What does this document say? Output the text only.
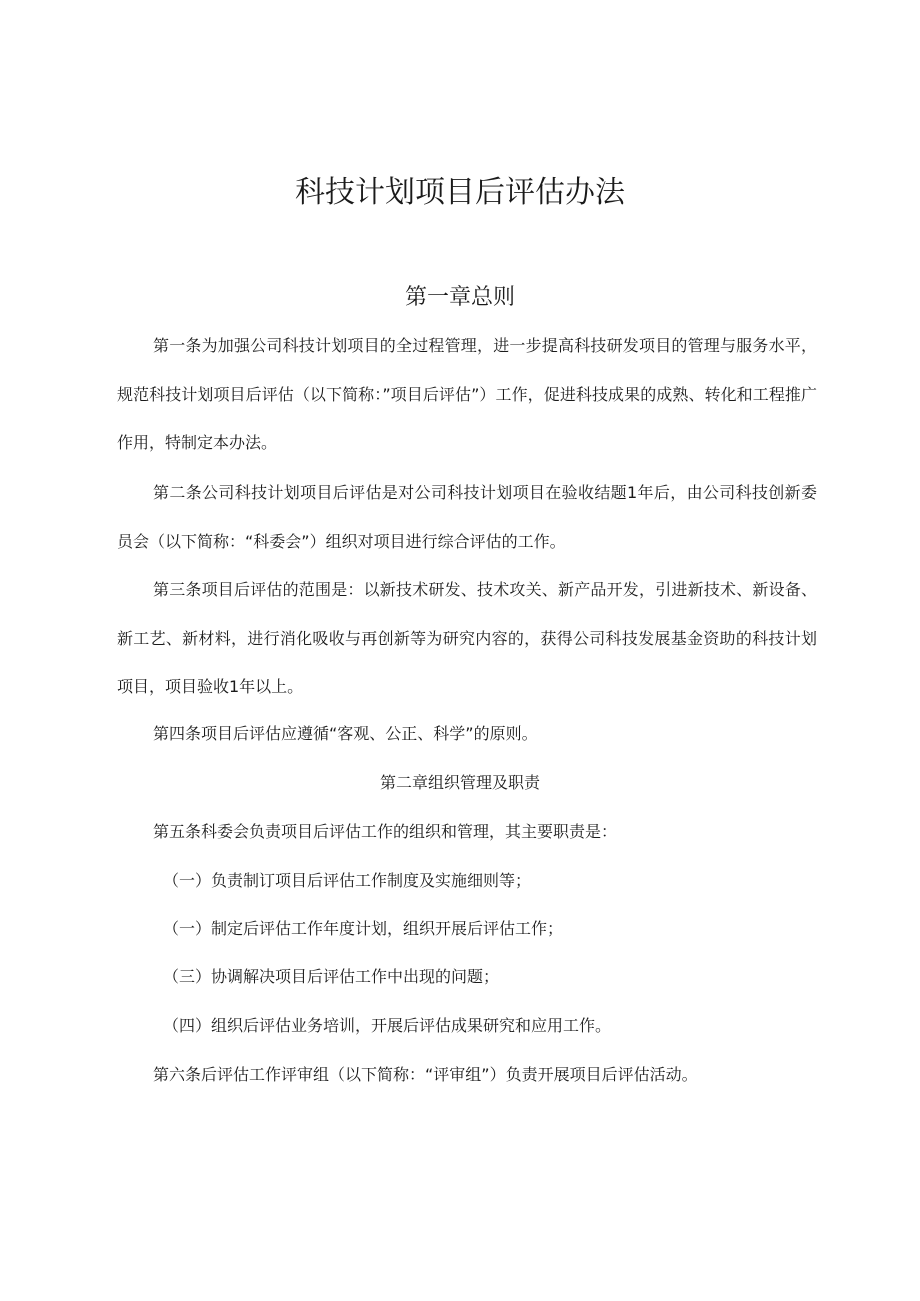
科技计划项目后评估办法
第一章总则
第一条为加强公司科技计划项目的全过程管理，进一步提高科技研发项目的管理与服务水平，规范科技计划项目后评估（以下简称：”项目后评估”）工作，促进科技成果的成熟、转化和工程推广作用，特制定本办法。
第二条公司科技计划项目后评估是对公司科技计划项目在验收结题1年后，由公司科技创新委员会（以下简称：“科委会”）组织对项目进行综合评估的工作。
第三条项目后评估的范围是：以新技术研发、技术攻关、新产品开发，引进新技术、新设备、新工艺、新材料，进行消化吸收与再创新等为研究内容的，获得公司科技发展基金资助的科技计划项目，项目验收1年以上。
第四条项目后评估应遵循“客观、公正、科学”的原则。
第二章组织管理及职责
第五条科委会负责项目后评估工作的组织和管理，其主要职责是：
（一）负责制订项目后评估工作制度及实施细则等；
（一）制定后评估工作年度计划，组织开展后评估工作；
（三）协调解决项目后评估工作中出现的问题；
（四）组织后评估业务培训，开展后评估成果研究和应用工作。
第六条后评估工作评审组（以下简称：“评审组”）负责开展项目后评估活动。
